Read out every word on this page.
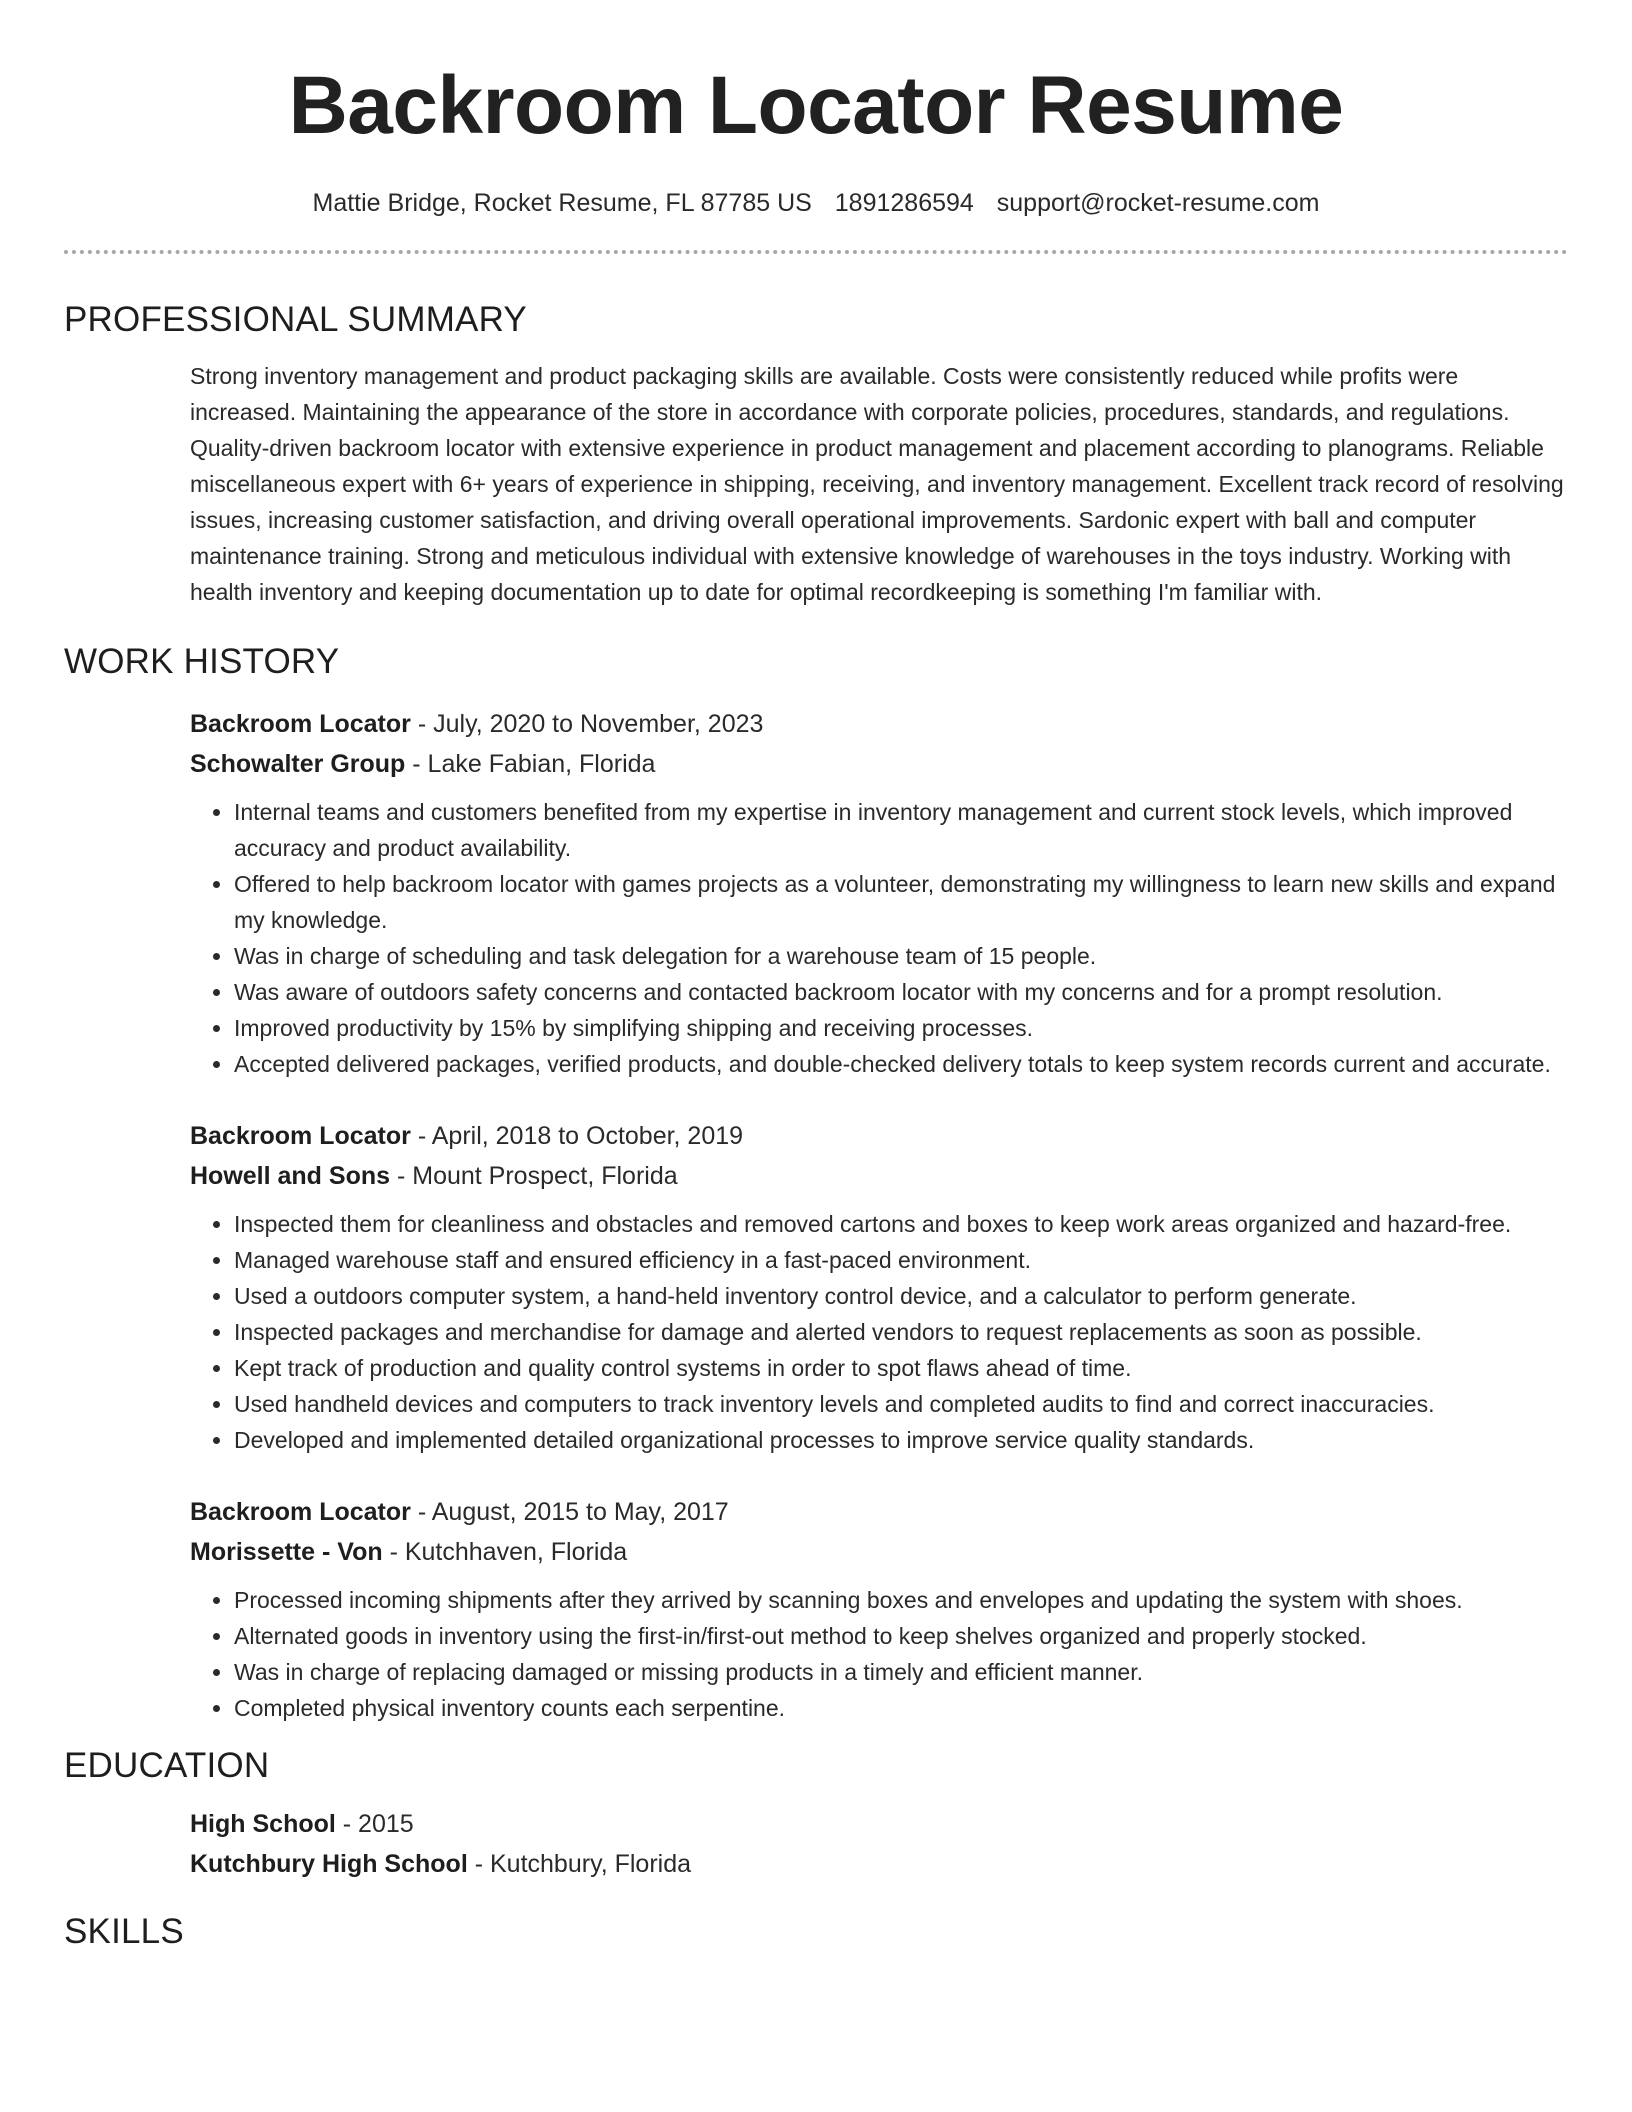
Backroom Locator Resume
Mattie Bridge, Rocket Resume, FL 87785 US 1891286594 support@rocket-resume.com
PROFESSIONAL SUMMARY

Strong inventory management and product packaging skills are available. Costs were consistently reduced while profits were increased. Maintaining the appearance of the store in accordance with corporate policies, procedures, standards, and regulations. Quality-driven backroom locator with extensive experience in product management and placement according to planograms. Reliable miscellaneous expert with 6+ years of experience in shipping, receiving, and inventory management. Excellent track record of resolving issues, increasing customer satisfaction, and driving overall operational improvements. Sardonic expert with ball and computer maintenance training. Strong and meticulous individual with extensive knowledge of warehouses in the toys industry. Working with health inventory and keeping documentation up to date for optimal recordkeeping is something I'm familiar with.

WORK HISTORY
Backroom Locator - July, 2020 to November, 2023
Schowalter Group - Lake Fabian, Florida
• Internal teams and customers benefited from my expertise in inventory management and current stock levels, which improved accuracy and product availability.
• Offered to help backroom locator with games projects as a volunteer, demonstrating my willingness to learn new skills and expand my knowledge.
• Was in charge of scheduling and task delegation for a warehouse team of 15 people.
• Was aware of outdoors safety concerns and contacted backroom locator with my concerns and for a prompt resolution.
• Improved productivity by 15% by simplifying shipping and receiving processes.
• Accepted delivered packages, verified products, and double-checked delivery totals to keep system records current and accurate.
Backroom Locator - April, 2018 to October, 2019
Howell and Sons - Mount Prospect, Florida
• Inspected them for cleanliness and obstacles and removed cartons and boxes to keep work areas organized and hazard-free.
• Managed warehouse staff and ensured efficiency in a fast-paced environment.
• Used a outdoors computer system, a hand-held inventory control device, and a calculator to perform generate.
• Inspected packages and merchandise for damage and alerted vendors to request replacements as soon as possible.
• Kept track of production and quality control systems in order to spot flaws ahead of time.
• Used handheld devices and computers to track inventory levels and completed audits to find and correct inaccuracies.
• Developed and implemented detailed organizational processes to improve service quality standards.
Backroom Locator - August, 2015 to May, 2017
Morissette - Von - Kutchhaven, Florida
• Processed incoming shipments after they arrived by scanning boxes and envelopes and updating the system with shoes.
• Alternated goods in inventory using the first-in/first-out method to keep shelves organized and properly stocked.
• Was in charge of replacing damaged or missing products in a timely and efficient manner.
• Completed physical inventory counts each serpentine.
EDUCATION
High School - 2015
Kutchbury High School - Kutchbury, Florida
SKILLS
